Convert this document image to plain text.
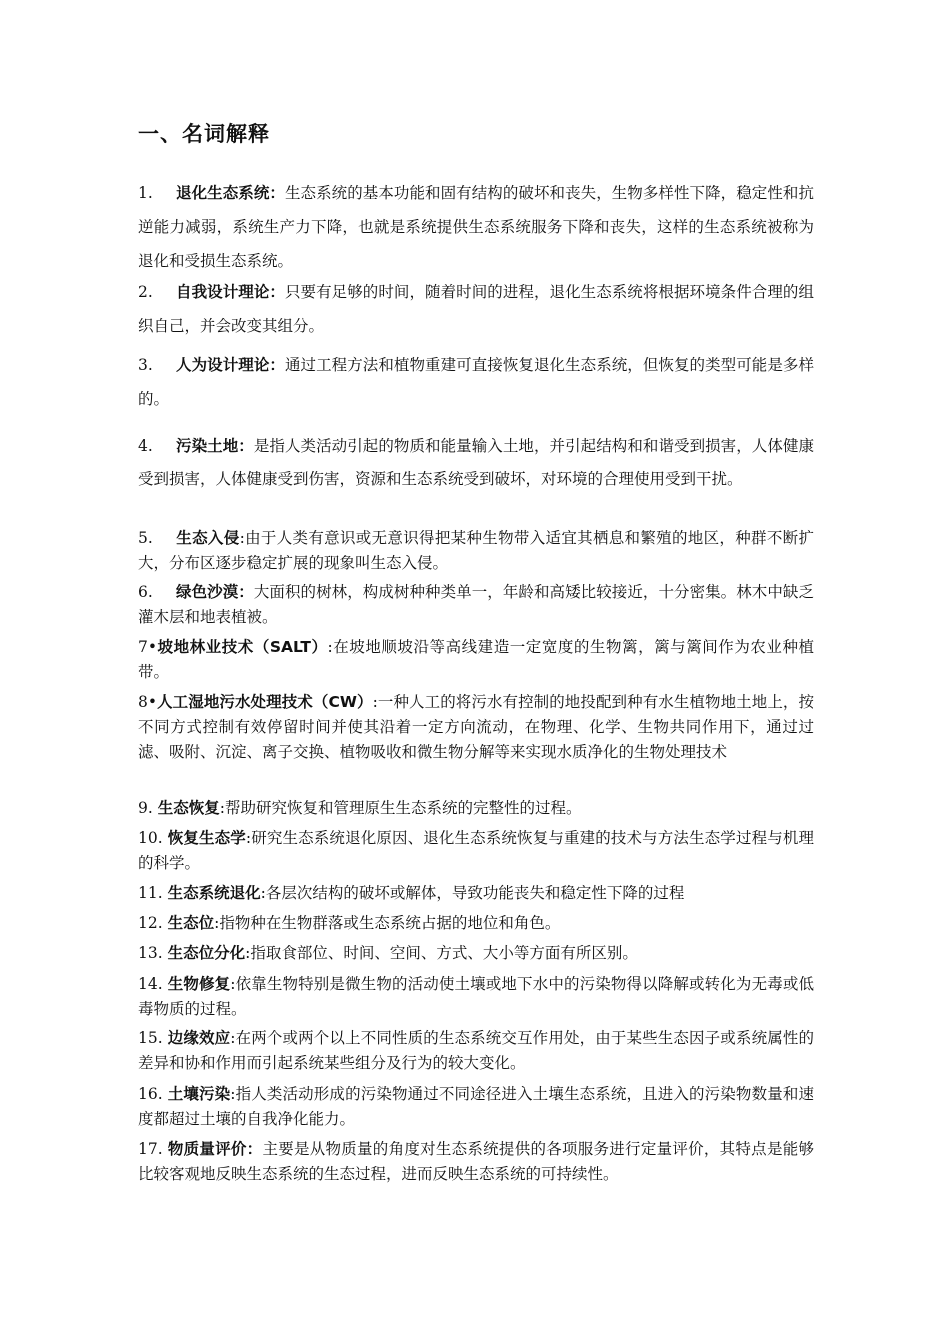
一、名词解释
1. 退化生态系统：生态系统的基本功能和固有结构的破坏和丧失，生物多样性下降，稳定性和抗逆能力减弱，系统生产力下降，也就是系统提供生态系统服务下降和丧失，这样的生态系统被称为退化和受损生态系统。
2. 自我设计理论：只要有足够的时间，随着时间的进程，退化生态系统将根据环境条件合理的组织自己，并会改变其组分。
3. 人为设计理论：通过工程方法和植物重建可直接恢复退化生态系统，但恢复的类型可能是多样的。
4. 污染土地：是指人类活动引起的物质和能量输入土地，并引起结构和和谐受到损害，人体健康受到损害，人体健康受到伤害，资源和生态系统受到破坏，对环境的合理使用受到干扰。
5. 生态入侵:由于人类有意识或无意识得把某种生物带入适宜其栖息和繁殖的地区，种群不断扩大，分布区逐步稳定扩展的现象叫生态入侵。
6. 绿色沙漠：大面积的树林，构成树种种类单一，年龄和高矮比较接近，十分密集。林木中缺乏灌木层和地表植被。
7•坡地林业技术（SALT）:在坡地顺坡沿等高线建造一定宽度的生物篱，篱与篱间作为农业种植带。
8•人工湿地污水处理技术（CW）:一种人工的将污水有控制的地投配到种有水生植物地土地上，按不同方式控制有效停留时间并使其沿着一定方向流动，在物理、化学、生物共同作用下，通过过滤、吸附、沉淀、离子交换、植物吸收和微生物分解等来实现水质净化的生物处理技术
9. 生态恢复:帮助研究恢复和管理原生生态系统的完整性的过程。
10. 恢复生态学:研究生态系统退化原因、退化生态系统恢复与重建的技术与方法生态学过程与机理的科学。
11. 生态系统退化:各层次结构的破坏或解体，导致功能丧失和稳定性下降的过程
12. 生态位:指物种在生物群落或生态系统占据的地位和角色。
13. 生态位分化:指取食部位、时间、空间、方式、大小等方面有所区别。
14. 生物修复:依靠生物特别是微生物的活动使土壤或地下水中的污染物得以降解或转化为无毒或低毒物质的过程。
15. 边缘效应:在两个或两个以上不同性质的生态系统交互作用处，由于某些生态因子或系统属性的差异和协和作用而引起系统某些组分及行为的较大变化。
16. 土壤污染:指人类活动形成的污染物通过不同途径进入土壤生态系统，且进入的污染物数量和速度都超过土壤的自我净化能力。
17. 物质量评价：主要是从物质量的角度对生态系统提供的各项服务进行定量评价，其特点是能够比较客观地反映生态系统的生态过程，进而反映生态系统的可持续性。
